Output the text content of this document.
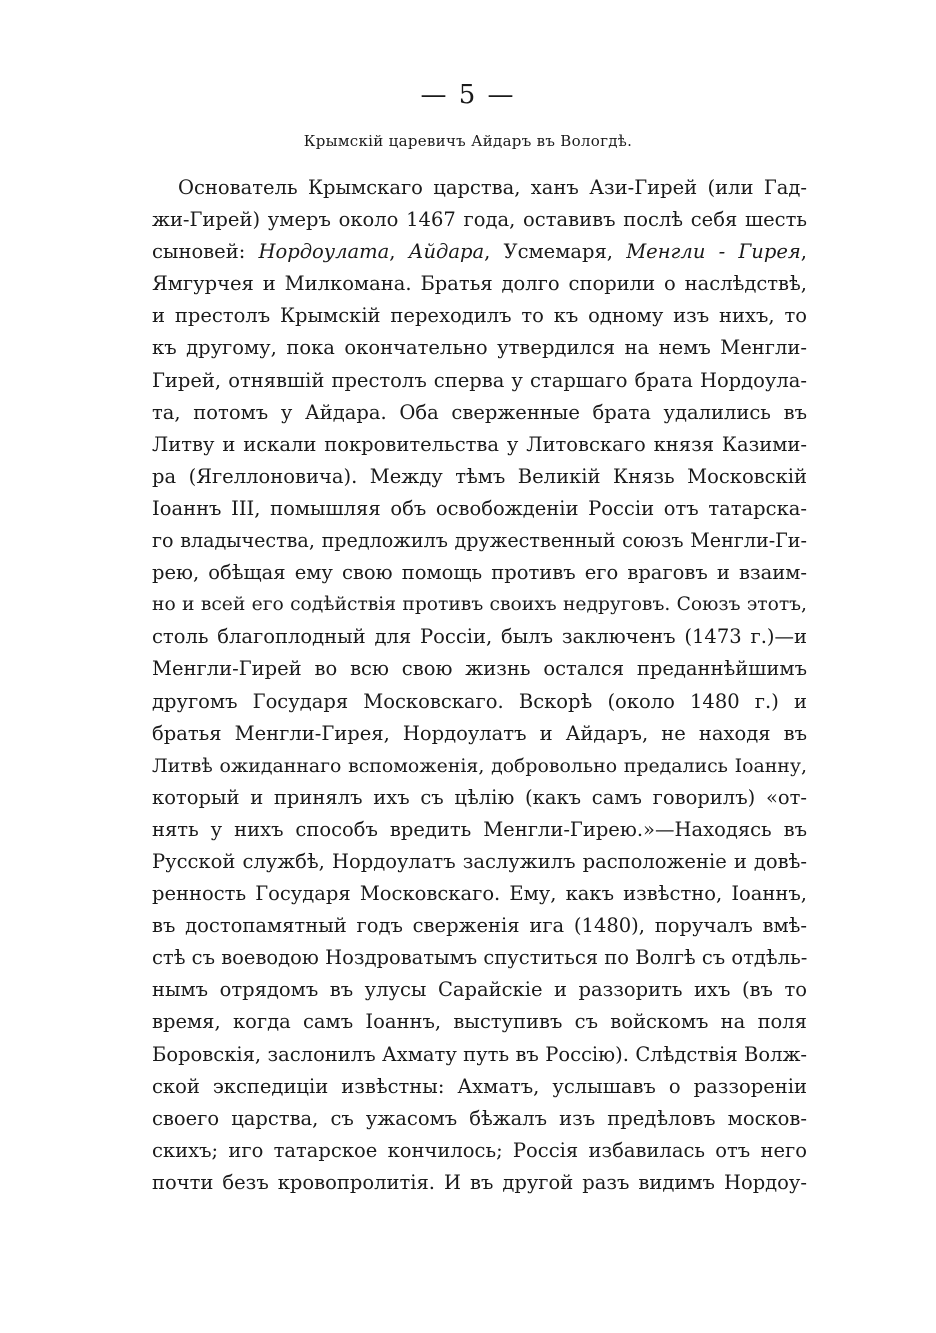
— 5 —
Крымскій царевичъ Айдаръ въ Вологдѣ.
Основатель Крымскаго царства, ханъ Ази-Гирей (или Гад-
жи-Гирей) умеръ около 1467 года, оставивъ послѣ себя шесть
сыновей: Нордоулата, Айдара, Усмемаря, Менгли - Гирея,
Ямгурчея и Милкомана. Братья долго спорили о наслѣдствѣ,
и престолъ Крымскій переходилъ то къ одному изъ нихъ, то
къ другому, пока окончательно утвердился на немъ Менгли-
Гирей, отнявшій престолъ сперва у старшаго брата Нордоула-
та, потомъ у Айдара. Оба сверженные брата удалились въ
Литву и искали покровительства у Литовскаго князя Казими-
ра (Ягеллоновича). Между тѣмъ Великій Князь Московскій
Іоаннъ III, помышляя объ освобожденіи Россіи отъ татарска-
го владычества, предложилъ дружественный союзъ Менгли-Ги-
рею, обѣщая ему свою помощь противъ его враговъ и взаим-
но и всей его содѣйствія противъ своихъ недруговъ. Союзъ этотъ,
столь благоплодный для Россіи, былъ заключенъ (1473 г.)—и
Менгли-Гирей во всю свою жизнь остался преданнѣйшимъ
другомъ Государя Московскаго. Вскорѣ (около 1480 г.) и
братья Менгли-Гирея, Нордоулатъ и Айдаръ, не находя въ
Литвѣ ожиданнаго вспоможенія, добровольно предались Іоанну,
который и принялъ ихъ съ цѣлію (какъ самъ говорилъ) «от-
нять у нихъ способъ вредить Менгли-Гирею.»—Находясь въ
Русской службѣ, Нордоулатъ заслужилъ расположеніе и довѣ-
ренность Государя Московскаго. Ему, какъ извѣстно, Іоаннъ,
въ достопамятный годъ сверженія ига (1480), поручалъ вмѣ-
стѣ съ воеводою Ноздроватымъ спуститься по Волгѣ съ отдѣль-
нымъ отрядомъ въ улусы Сарайскіе и раззорить ихъ (въ то
время, когда самъ Іоаннъ, выступивъ съ войскомъ на поля
Боровскія, заслонилъ Ахмату путь въ Россію). Слѣдствія Волж-
ской экспедиціи извѣстны: Ахматъ, услышавъ о раззореніи
своего царства, съ ужасомъ бѣжалъ изъ предѣловъ москов-
скихъ; иго татарское кончилось; Россія избавилась отъ него
почти безъ кровопролитія. И въ другой разъ видимъ Нордоу-
